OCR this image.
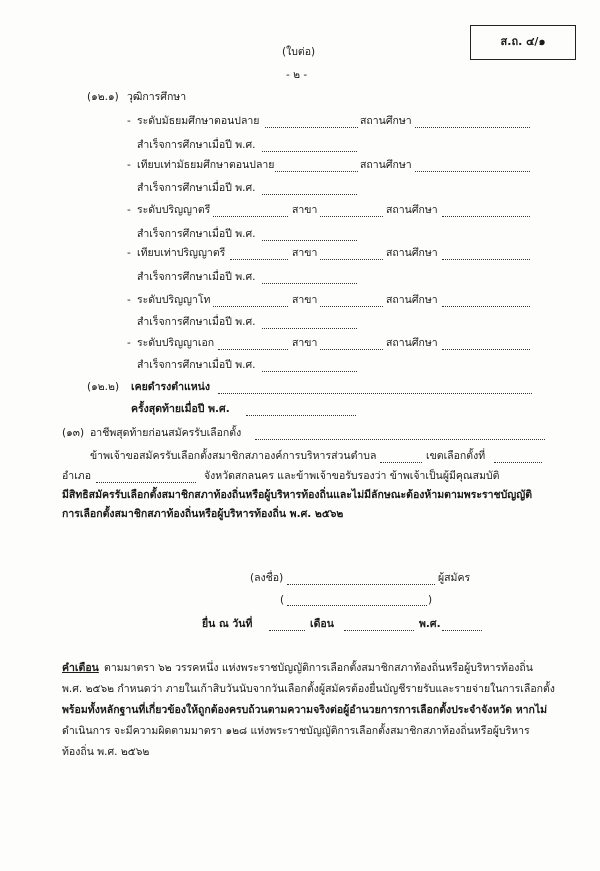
(ใบต่อ)
- ๒ -
ส.ถ. ๔/๑
(๑๒.๑) วุฒิการศึกษา
- ระดับมัธยมศึกษาตอนปลาย	สถานศึกษา
สำเร็จการศึกษาเมื่อปี พ.ศ.
- เทียบเท่ามัธยมศึกษาตอนปลาย	สถานศึกษา
สำเร็จการศึกษาเมื่อปี พ.ศ.
- ระดับปริญญาตรี	สาขา	สถานศึกษา
สำเร็จการศึกษาเมื่อปี พ.ศ.
- เทียบเท่าปริญญาตรี	สาขา	สถานศึกษา
สำเร็จการศึกษาเมื่อปี พ.ศ.
- ระดับปริญญาโท	สาขา	สถานศึกษา
สำเร็จการศึกษาเมื่อปี พ.ศ.
- ระดับปริญญาเอก	สาขา	สถานศึกษา
สำเร็จการศึกษาเมื่อปี พ.ศ.
(๑๒.๒) เคยดำรงตำแหน่ง
ครั้งสุดท้ายเมื่อปี พ.ศ.
(๑๓) อาชีพสุดท้ายก่อนสมัครรับเลือกตั้ง
ข้าพเจ้าขอสมัครรับเลือกตั้งสมาชิกสภาองค์การบริหารส่วนตำบล	เขตเลือกตั้งที่
อำเภอ	จังหวัดสกลนคร และข้าพเจ้าขอรับรองว่า ข้าพเจ้าเป็นผู้มีคุณสมบัติ
มีสิทธิสมัครรับเลือกตั้งสมาชิกสภาท้องถิ่นหรือผู้บริหารท้องถิ่นและไม่มีลักษณะต้องห้ามตามพระราชบัญญัติ
การเลือกตั้งสมาชิกสภาท้องถิ่นหรือผู้บริหารท้องถิ่น พ.ศ. ๒๕๖๒
(ลงชื่อ)	ผู้สมัคร
(	)
ยื่น ณ วันที่	เดือน	พ.ศ.
คำเตือน ตามมาตรา ๖๒ วรรคหนึ่ง แห่งพระราชบัญญัติการเลือกตั้งสมาชิกสภาท้องถิ่นหรือผู้บริหารท้องถิ่น
พ.ศ. ๒๕๖๒ กำหนดว่า ภายในเก้าสิบวันนับจากวันเลือกตั้งผู้สมัครต้องยื่นบัญชีรายรับและรายจ่ายในการเลือกตั้ง
พร้อมทั้งหลักฐานที่เกี่ยวข้องให้ถูกต้องครบถ้วนตามความจริงต่อผู้อำนวยการการเลือกตั้งประจำจังหวัด หากไม่
ดำเนินการ จะมีความผิดตามมาตรา ๑๒๘ แห่งพระราชบัญญัติการเลือกตั้งสมาชิกสภาท้องถิ่นหรือผู้บริหาร
ท้องถิ่น พ.ศ. ๒๕๖๒
